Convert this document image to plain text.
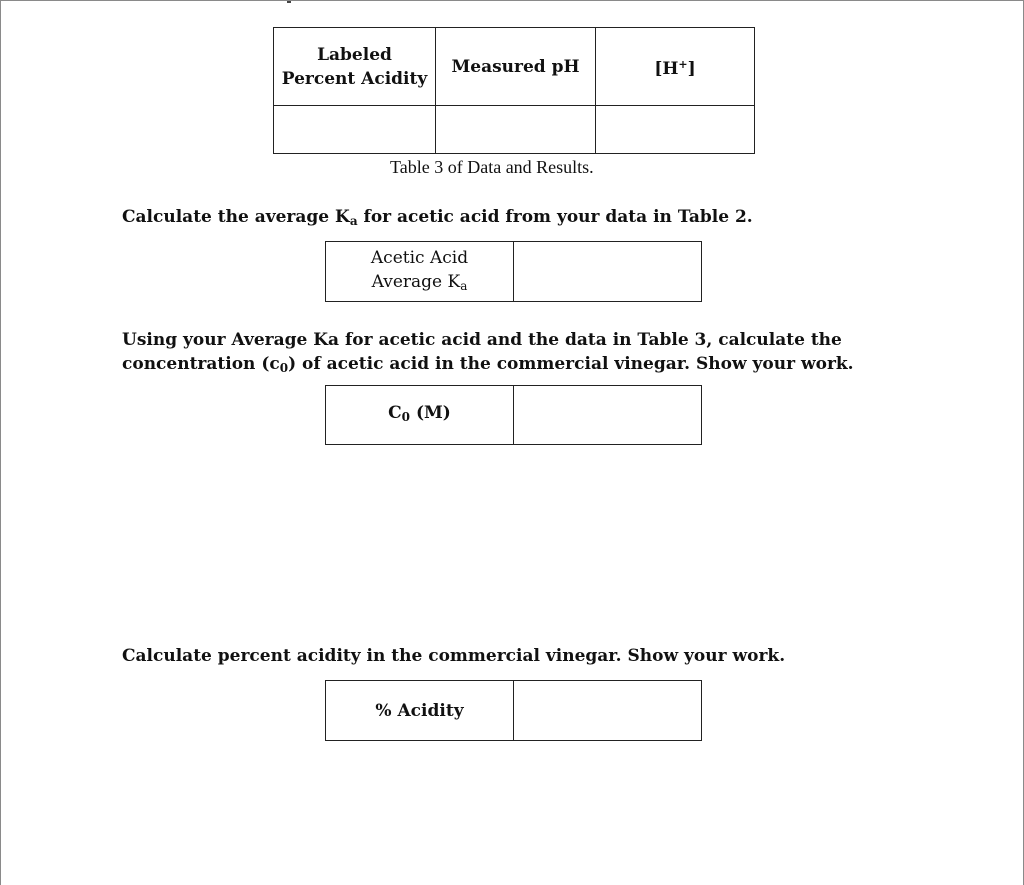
Labeled
Percent Acidity	Measured pH	[H+]

Table 3 of Data and Results.
Calculate the average $K_a$ for acetic acid from your data in Table 2.
Acetic Acid
Average $K_a$	
Using your Average Ka for acetic acid and the data in Table 3, calculate the
concentration $(c_0)$ of acetic acid in the commercial vinegar. Show your work.
$C_0$ (M)	
Calculate percent acidity in the commercial vinegar. Show your work.
% Acidity	
